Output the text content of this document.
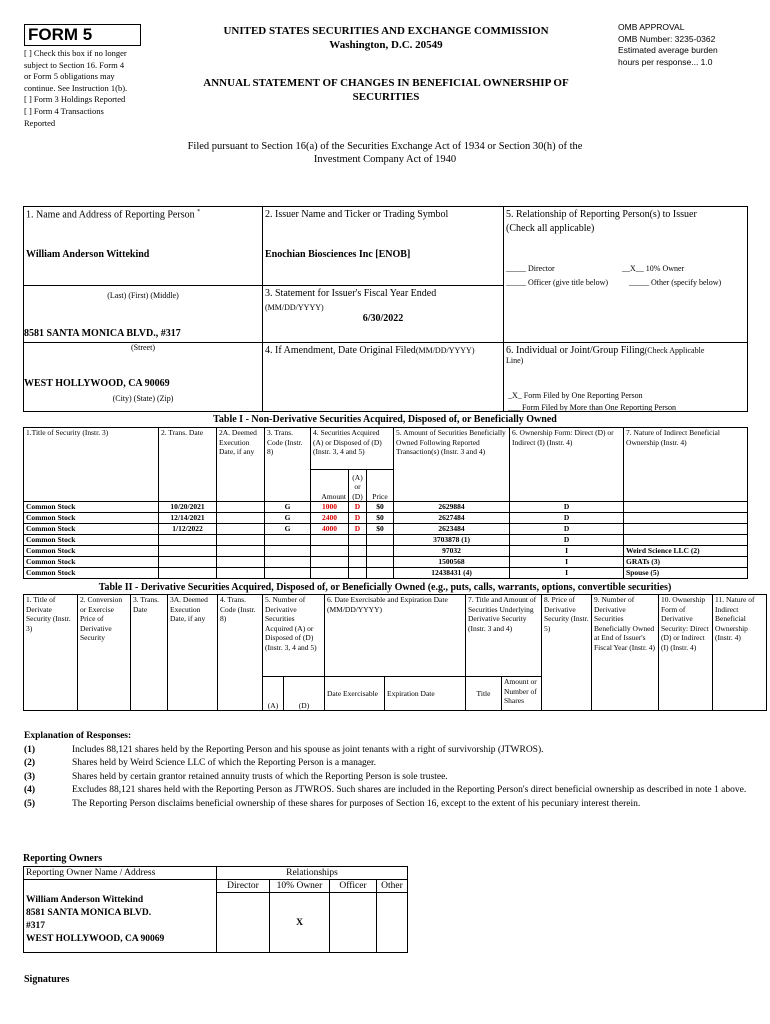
FORM 5
[ ] Check this box if no longer
subject to Section 16. Form 4
or Form 5 obligations may
continue. See Instruction 1(b).
[ ] Form 3 Holdings Reported
[ ] Form 4 Transactions
Reported
UNITED STATES SECURITIES AND EXCHANGE COMMISSION
Washington, D.C. 20549
OMB APPROVAL
OMB Number: 3235-0362
Estimated average burden
hours per response... 1.0
ANNUAL STATEMENT OF CHANGES IN BENEFICIAL OWNERSHIP OF
SECURITIES
Filed pursuant to Section 16(a) of the Securities Exchange Act of 1934 or Section 30(h) of the
Investment Company Act of 1940
1. Name and Address of Reporting Person *
William Anderson Wittekind
(Last) (First) (Middle)
8581 SANTA MONICA BLVD., #317
(Street)
WEST HOLLYWOOD, CA 90069
(City) (State) (Zip)
2. Issuer Name and Ticker or Trading Symbol
Enochian Biosciences Inc [ENOB]
3. Statement for Issuer's Fiscal Year Ended
(MM/DD/YYYY)
6/30/2022
4. If Amendment, Date Original Filed(MM/DD/YYYY)
5. Relationship of Reporting Person(s) to Issuer
(Check all applicable)
_____ Director	__X__ 10% Owner
_____ Officer (give title below)	_____ Other (specify below)
6. Individual or Joint/Group Filing(Check Applicable
Line)
_X_ Form Filed by One Reporting Person
___ Form Filed by More than One Reporting Person
Table I - Non-Derivative Securities Acquired, Disposed of, or Beneficially Owned
1.Title of Security (Instr. 3)	2. Trans. Date	2A. Deemed Execution Date, if any	3. Trans. Code (Instr. 8)	4. Securities Acquired (A) or Disposed of (D) (Instr. 3, 4 and 5)			5. Amount of Securities Beneficially Owned Following Reported Transaction(s) (Instr. 3 and 4)	6. Ownership Form: Direct (D) or Indirect (I) (Instr. 4)	7. Nature of Indirect Beneficial Ownership (Instr. 4)
				Amount	(A) or (D)	Price			
Common Stock	10/20/2021		G	1000	D	$0	2629884	D	
Common Stock	12/14/2021		G	2400	D	$0	2627484	D	
Common Stock	1/12/2022		G	4000	D	$0	2623484	D	
Common Stock							3703878 (1)	D	
Common Stock							97032	I	Weird Science LLC (2)
Common Stock							1500568	I	GRATs (3)
Common Stock							12438431 (4)	I	Spouse (5)
Table II - Derivative Securities Acquired, Disposed of, or Beneficially Owned (e.g., puts, calls, warrants, options, convertible securities)
1. Title of Derivate Security (Instr. 3)	2. Conversion or Exercise Price of Derivative Security	3. Trans. Date	3A. Deemed Execution Date, if any	4. Trans. Code (Instr. 8)	5. Number of Derivative Securities Acquired (A) or Disposed of (D) (Instr. 3, 4 and 5)		6. Date Exercisable and Expiration Date (MM/DD/YYYY)		7. Title and Amount of Securities Underlying Derivative Security (Instr. 3 and 4)		8. Price of Derivative Security (Instr. 5)	9. Number of Derivative Securities Beneficially Owned at End of Issuer's Fiscal Year (Instr. 4)	10. Ownership Form of Derivative Security: Direct (D) or Indirect (I) (Instr. 4)	11. Nature of Indirect Beneficial Ownership (Instr. 4)
					(A)	(D)	Date Exercisable	Expiration Date	Title	Amount or Number of Shares				
Explanation of Responses:
(1)	Includes 88,121 shares held by the Reporting Person and his spouse as joint tenants with a right of survivorship (JTWROS).
(2)	Shares held by Weird Science LLC of which the Reporting Person is a manager.
(3)	Shares held by certain grantor retained annuity trusts of which the Reporting Person is sole trustee.
(4)	Excludes 88,121 shares held with the Reporting Person as JTWROS. Such shares are included in the Reporting Person's direct beneficial ownership as described in note 1 above.
(5)	The Reporting Person disclaims beneficial ownership of these shares for purposes of Section 16, except to the extent of his pecuniary interest therein.
Reporting Owners
Reporting Owner Name / Address	Relationships			
	Director	10% Owner	Officer	Other

William Anderson Wittekind
8581 SANTA MONICA BLVD.
#317
WEST HOLLYWOOD, CA 90069		X		
Signatures
